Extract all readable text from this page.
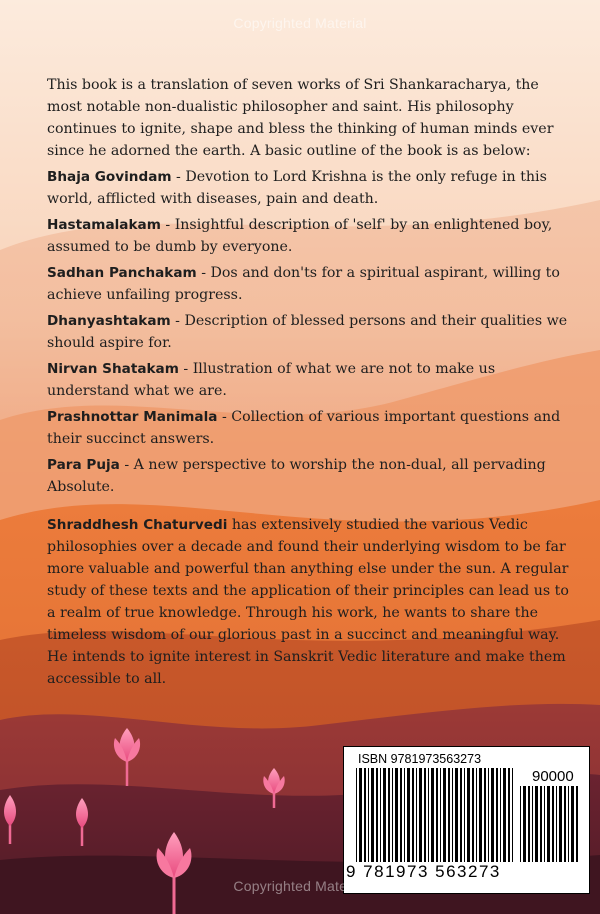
Copyrighted Material

This book is a translation of seven works of Sri Shankaracharya, the most notable non-dualistic philosopher and saint. His philosophy continues to ignite, shape and bless the thinking of human minds ever since he adorned the earth. A basic outline of the book is as below:

Bhaja Govindam - Devotion to Lord Krishna is the only refuge in this world, afflicted with diseases, pain and death.

Hastamalakam - Insightful description of 'self' by an enlightened boy, assumed to be dumb by everyone.

Sadhan Panchakam - Dos and don'ts for a spiritual aspirant, willing to achieve unfailing progress.

Dhanyashtakam - Description of blessed persons and their qualities we should aspire for.

Nirvan Shatakam - Illustration of what we are not to make us understand what we are.

Prashnottar Manimala - Collection of various important questions and their succinct answers.

Para Puja - A new perspective to worship the non-dual, all pervading Absolute.

Shraddhesh Chaturvedi has extensively studied the various Vedic philosophies over a decade and found their underlying wisdom to be far more valuable and powerful than anything else under the sun. A regular study of these texts and the application of their principles can lead us to a realm of true knowledge. Through his work, he wants to share the timeless wisdom of our glorious past in a succinct and meaningful way. He intends to ignite interest in Sanskrit Vedic literature and make them accessible to all.

ISBN 9781973563273
90000
9 781973 563273
Copyrighted Material
